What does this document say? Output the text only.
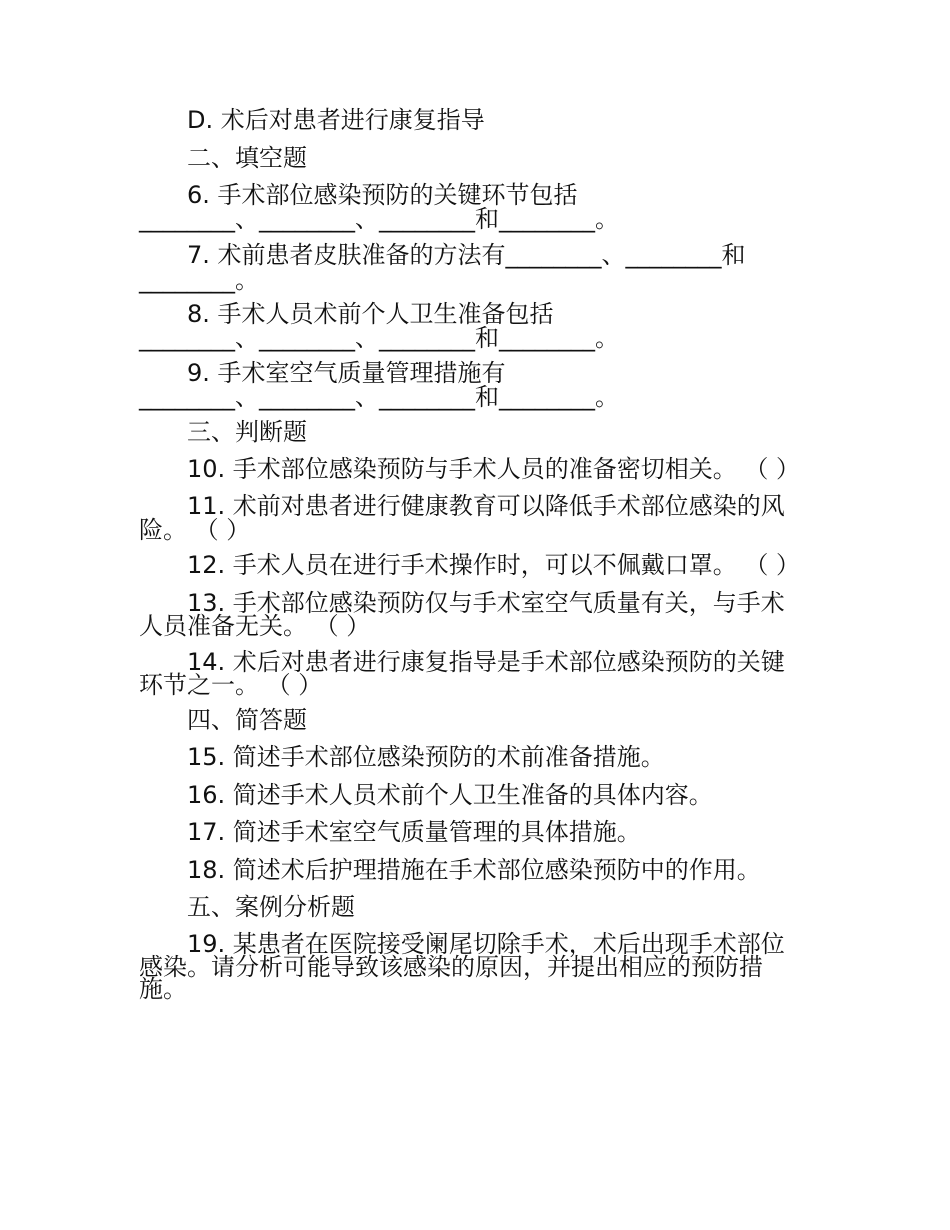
D. 术后对患者进行康复指导
二、填空题
6. 手术部位感染预防的关键环节包括
________、________、________和________。
7. 术前患者皮肤准备的方法有________、________和
________。
8. 手术人员术前个人卫生准备包括
________、________、________和________。
9. 手术室空气质量管理措施有
________、________、________和________。
三、判断题
10. 手术部位感染预防与手术人员的准备密切相关。 （ ）
11. 术前对患者进行健康教育可以降低手术部位感染的风
险。 （ ）
12. 手术人员在进行手术操作时，可以不佩戴口罩。 （ ）
13. 手术部位感染预防仅与手术室空气质量有关，与手术
人员准备无关。 （ ）
14. 术后对患者进行康复指导是手术部位感染预防的关键
环节之一。 （ ）
四、简答题
15. 简述手术部位感染预防的术前准备措施。
16. 简述手术人员术前个人卫生准备的具体内容。
17. 简述手术室空气质量管理的具体措施。
18. 简述术后护理措施在手术部位感染预防中的作用。
五、案例分析题
19. 某患者在医院接受阑尾切除手术，术后出现手术部位
感染。请分析可能导致该感染的原因，并提出相应的预防措
施。
